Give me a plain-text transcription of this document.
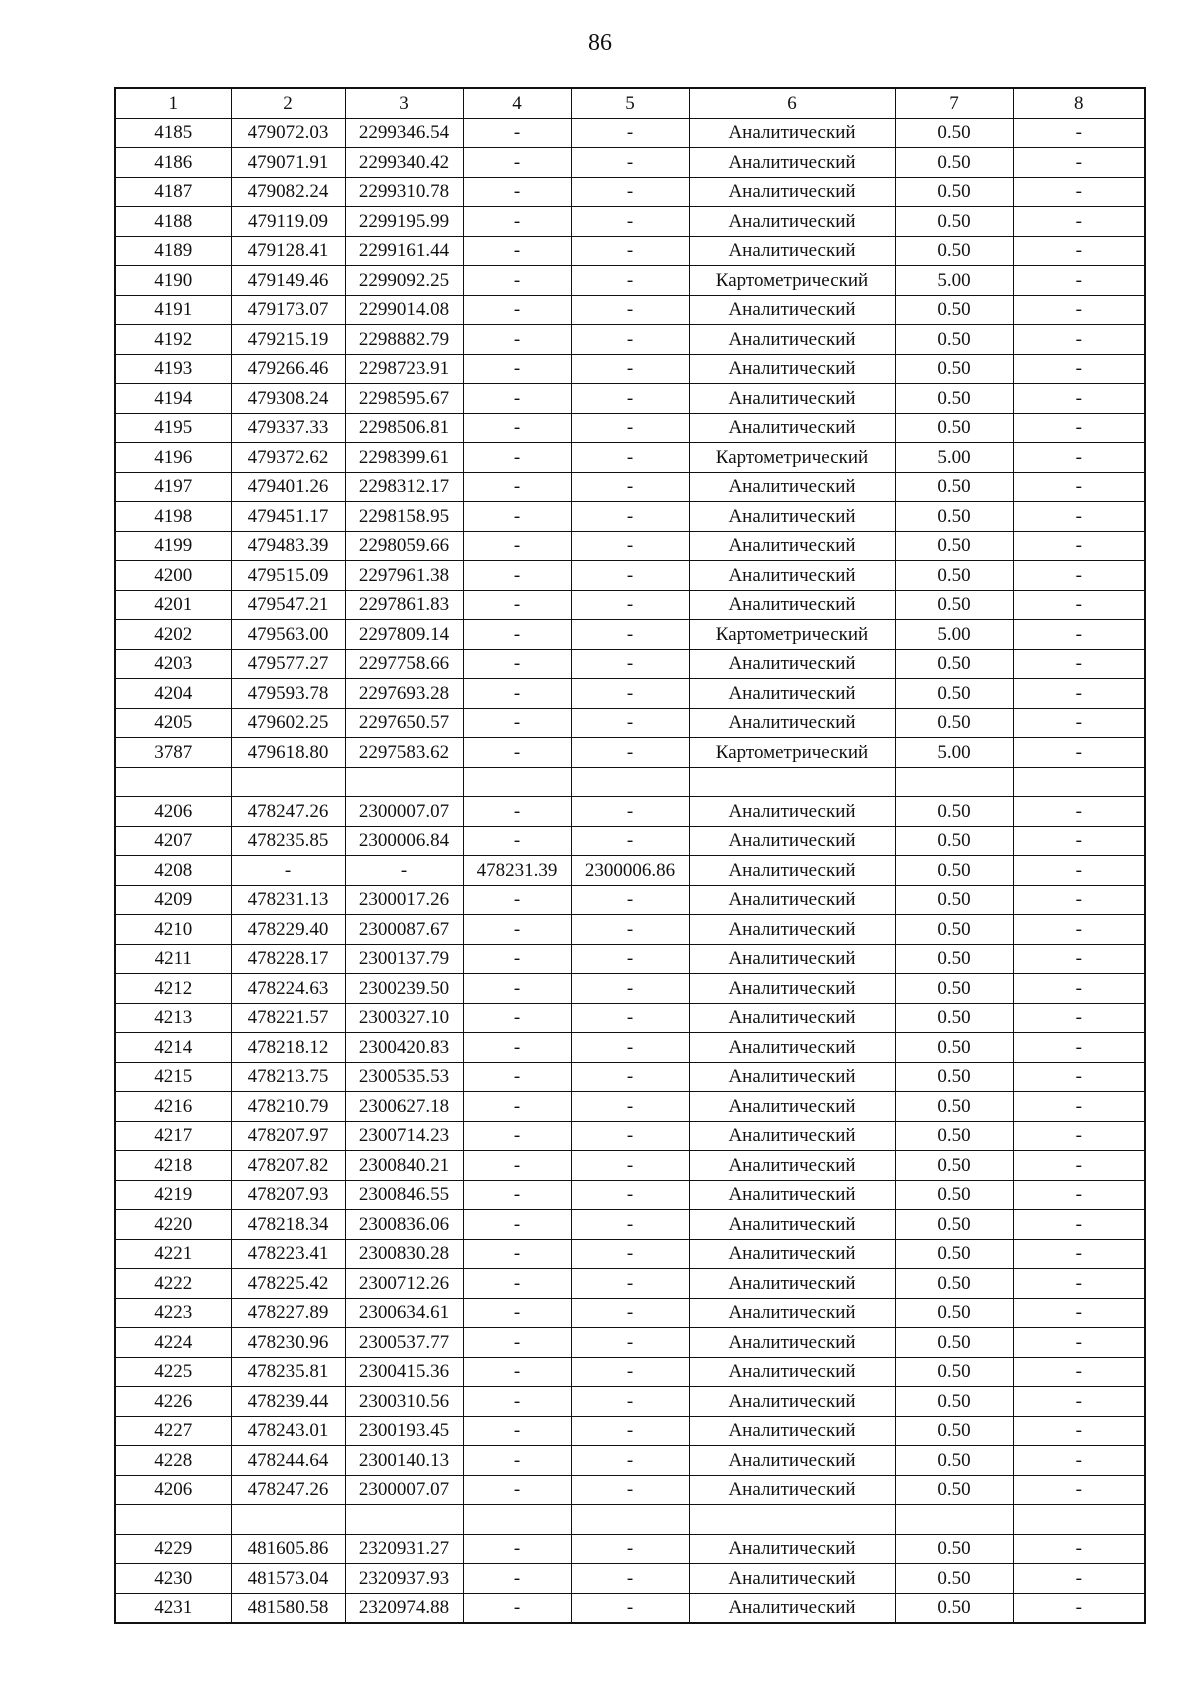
86
1	2	3	4	5	6	7	8
4185	479072.03	2299346.54	-	-	Аналитический	0.50	-
4186	479071.91	2299340.42	-	-	Аналитический	0.50	-
4187	479082.24	2299310.78	-	-	Аналитический	0.50	-
4188	479119.09	2299195.99	-	-	Аналитический	0.50	-
4189	479128.41	2299161.44	-	-	Аналитический	0.50	-
4190	479149.46	2299092.25	-	-	Картометрический	5.00	-
4191	479173.07	2299014.08	-	-	Аналитический	0.50	-
4192	479215.19	2298882.79	-	-	Аналитический	0.50	-
4193	479266.46	2298723.91	-	-	Аналитический	0.50	-
4194	479308.24	2298595.67	-	-	Аналитический	0.50	-
4195	479337.33	2298506.81	-	-	Аналитический	0.50	-
4196	479372.62	2298399.61	-	-	Картометрический	5.00	-
4197	479401.26	2298312.17	-	-	Аналитический	0.50	-
4198	479451.17	2298158.95	-	-	Аналитический	0.50	-
4199	479483.39	2298059.66	-	-	Аналитический	0.50	-
4200	479515.09	2297961.38	-	-	Аналитический	0.50	-
4201	479547.21	2297861.83	-	-	Аналитический	0.50	-
4202	479563.00	2297809.14	-	-	Картометрический	5.00	-
4203	479577.27	2297758.66	-	-	Аналитический	0.50	-
4204	479593.78	2297693.28	-	-	Аналитический	0.50	-
4205	479602.25	2297650.57	-	-	Аналитический	0.50	-
3787	479618.80	2297583.62	-	-	Картометрический	5.00	-

4206	478247.26	2300007.07	-	-	Аналитический	0.50	-
4207	478235.85	2300006.84	-	-	Аналитический	0.50	-
4208	-	-	478231.39	2300006.86	Аналитический	0.50	-
4209	478231.13	2300017.26	-	-	Аналитический	0.50	-
4210	478229.40	2300087.67	-	-	Аналитический	0.50	-
4211	478228.17	2300137.79	-	-	Аналитический	0.50	-
4212	478224.63	2300239.50	-	-	Аналитический	0.50	-
4213	478221.57	2300327.10	-	-	Аналитический	0.50	-
4214	478218.12	2300420.83	-	-	Аналитический	0.50	-
4215	478213.75	2300535.53	-	-	Аналитический	0.50	-
4216	478210.79	2300627.18	-	-	Аналитический	0.50	-
4217	478207.97	2300714.23	-	-	Аналитический	0.50	-
4218	478207.82	2300840.21	-	-	Аналитический	0.50	-
4219	478207.93	2300846.55	-	-	Аналитический	0.50	-
4220	478218.34	2300836.06	-	-	Аналитический	0.50	-
4221	478223.41	2300830.28	-	-	Аналитический	0.50	-
4222	478225.42	2300712.26	-	-	Аналитический	0.50	-
4223	478227.89	2300634.61	-	-	Аналитический	0.50	-
4224	478230.96	2300537.77	-	-	Аналитический	0.50	-
4225	478235.81	2300415.36	-	-	Аналитический	0.50	-
4226	478239.44	2300310.56	-	-	Аналитический	0.50	-
4227	478243.01	2300193.45	-	-	Аналитический	0.50	-
4228	478244.64	2300140.13	-	-	Аналитический	0.50	-
4206	478247.26	2300007.07	-	-	Аналитический	0.50	-

4229	481605.86	2320931.27	-	-	Аналитический	0.50	-
4230	481573.04	2320937.93	-	-	Аналитический	0.50	-
4231	481580.58	2320974.88	-	-	Аналитический	0.50	-
